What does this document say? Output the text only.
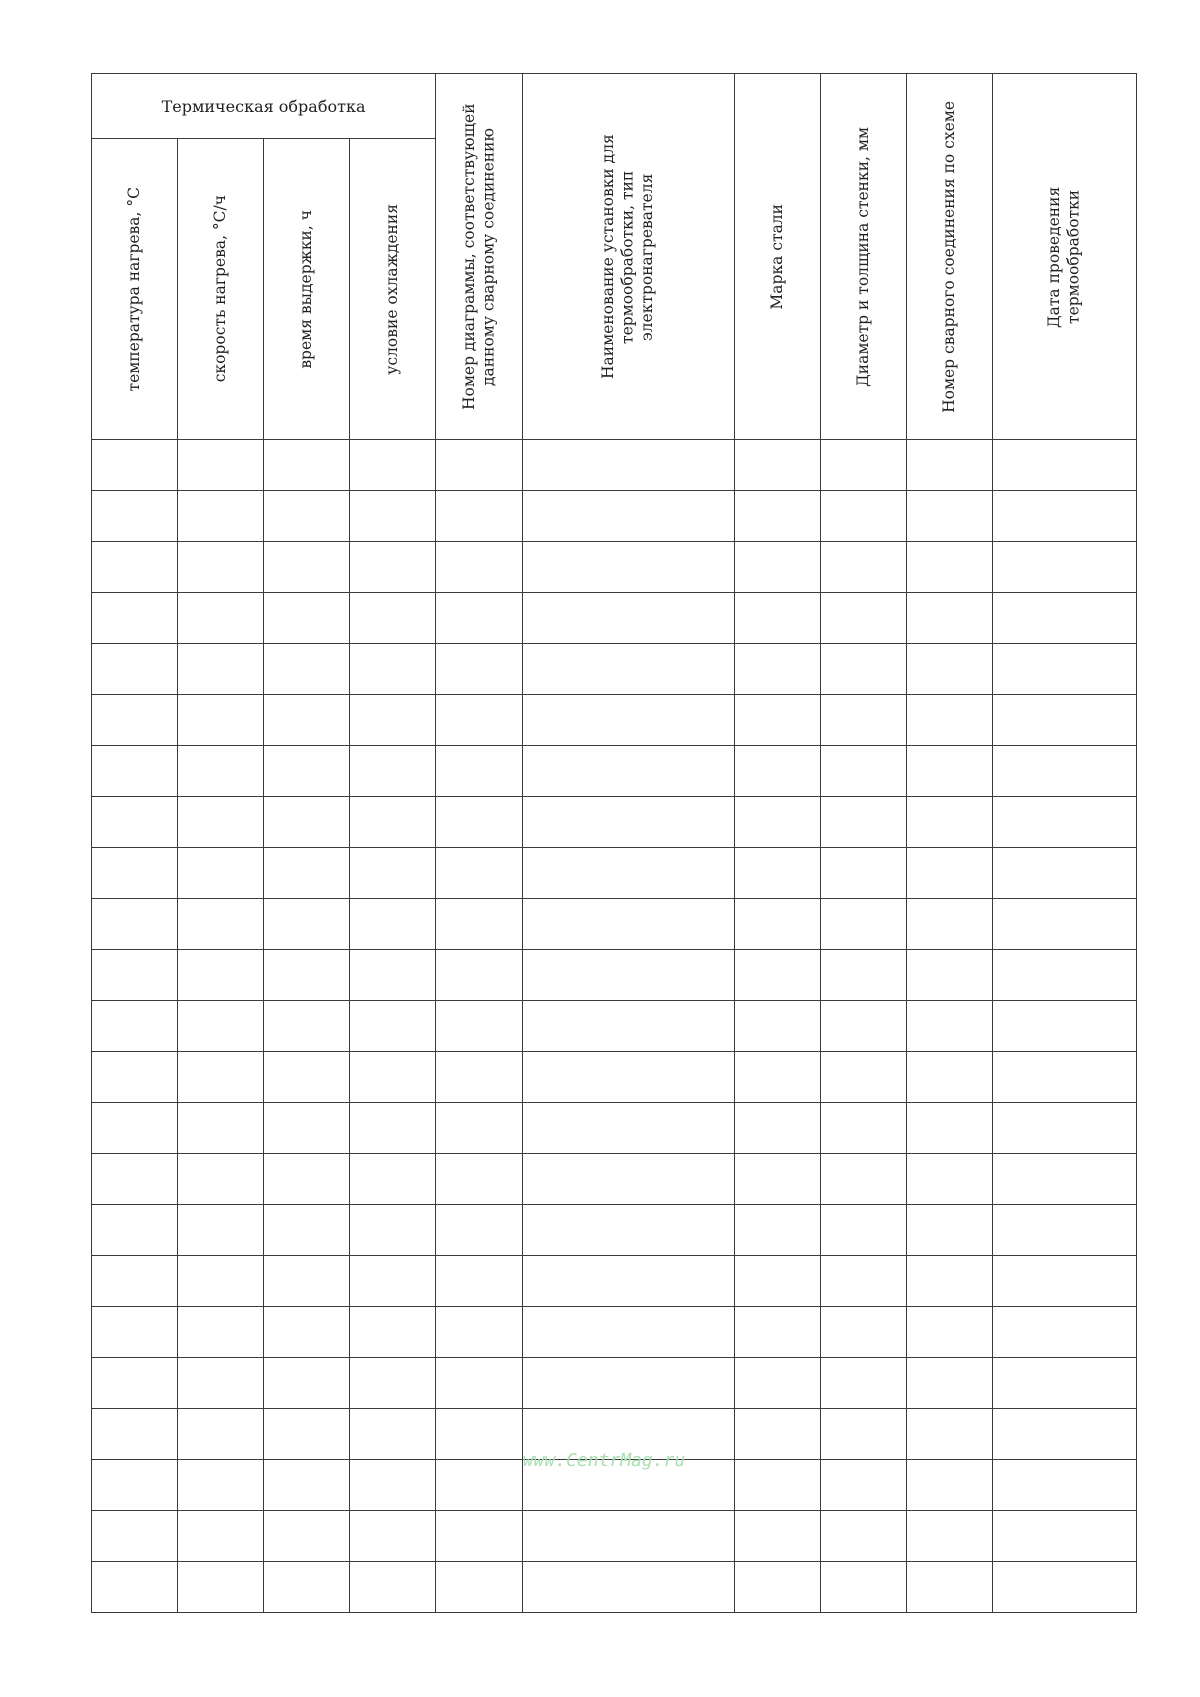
Термическая обработка				Номер диаграммы, соответствующей данному сварному соединению	Наименование установки для термообработки, тип электронагревателя	Марка стали	Диаметр и толщина стенки, мм	Номер сварного соединения по схеме	Дата проведения термообработки

температура нагрева, °С	скорость нагрева, °С/ч	время выдержки, ч	условие охлаждения						

www.CentrMag.ru
